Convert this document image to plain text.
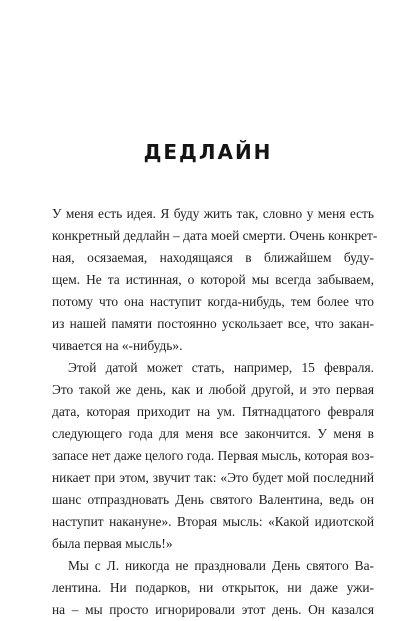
ДЕДЛАЙН
У меня есть идея. Я буду жить так, словно у меня есть
конкретный дедлайн – дата моей смерти. Очень конкрет-
ная, осязаемая, находящаяся в ближайшем буду-
щем. Не та истинная, о которой мы всегда забываем,
потому что она наступит когда-нибудь, тем более что
из нашей памяти постоянно ускользает все, что закан-
чивается на «-нибудь».
Этой датой может стать, например, 15 февраля.
Это такой же день, как и любой другой, и это первая
дата, которая приходит на ум. Пятнадцатого февраля
следующего года для меня все закончится. У меня в
запасе нет даже целого года. Первая мысль, которая воз-
никает при этом, звучит так: «Это будет мой последний
шанс отпраздновать День святого Валентина, ведь он
наступит накануне». Вторая мысль: «Какой идиотской
была первая мысль!»
Мы с Л. никогда не праздновали День святого Ва-
лентина. Ни подарков, ни открыток, ни даже ужи-
на – мы просто игнорировали этот день. Он казался
